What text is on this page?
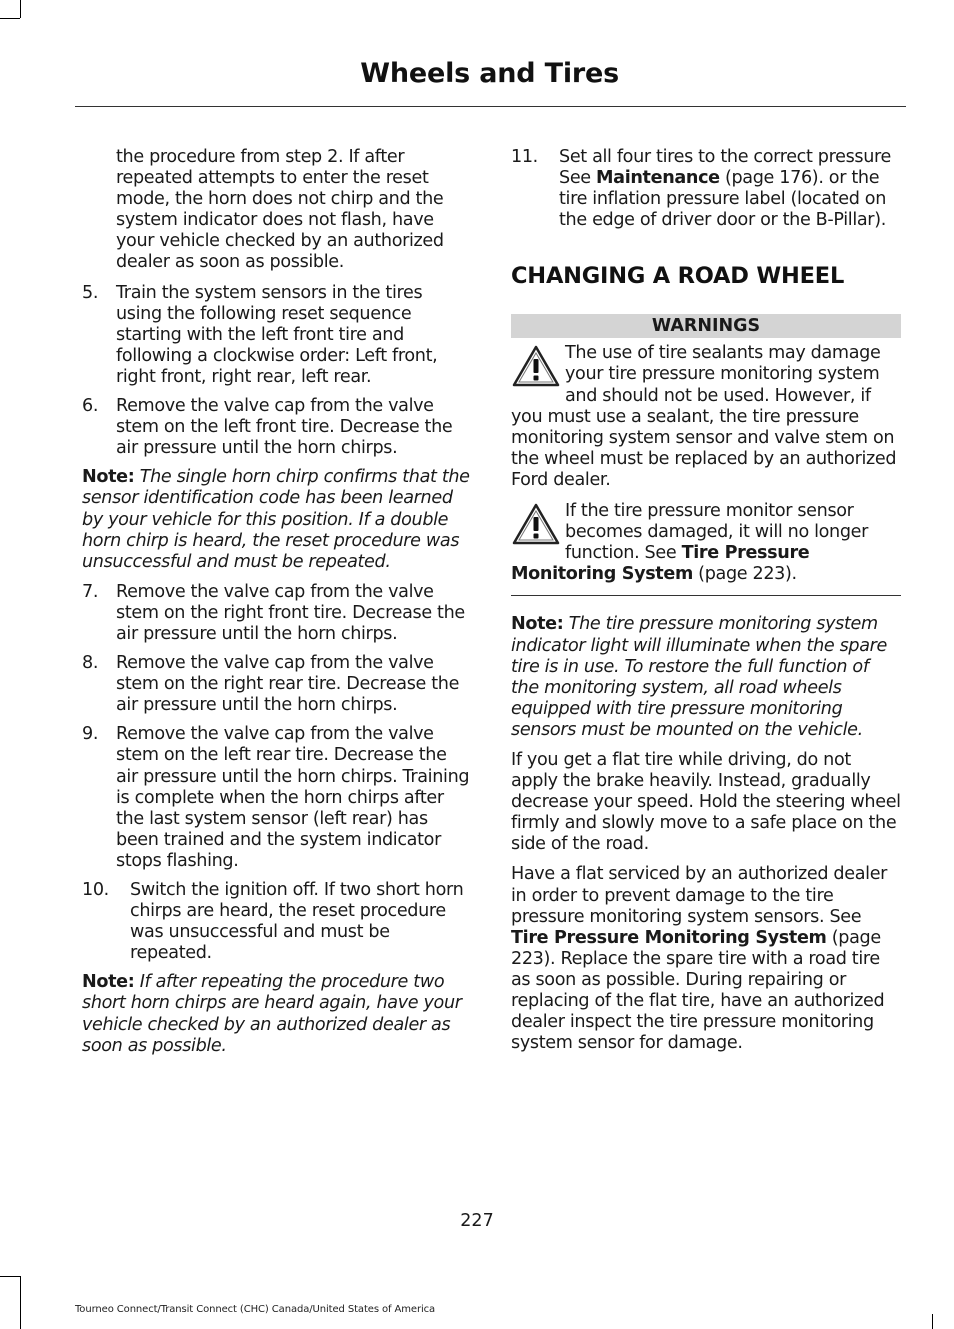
Wheels and Tires

the procedure from step 2. If after repeated attempts to enter the reset mode, the horn does not chirp and the system indicator does not flash, have your vehicle checked by an authorized dealer as soon as possible.

5. Train the system sensors in the tires using the following reset sequence starting with the left front tire and following a clockwise order: Left front, right front, right rear, left rear.
6. Remove the valve cap from the valve stem on the left front tire. Decrease the air pressure until the horn chirps.

Note: The single horn chirp confirms that the sensor identification code has been learned by your vehicle for this position. If a double horn chirp is heard, the reset procedure was unsuccessful and must be repeated.

7. Remove the valve cap from the valve stem on the right front tire. Decrease the air pressure until the horn chirps.
8. Remove the valve cap from the valve stem on the right rear tire. Decrease the air pressure until the horn chirps.
9. Remove the valve cap from the valve stem on the left rear tire. Decrease the air pressure until the horn chirps. Training is complete when the horn chirps after the last system sensor (left rear) has been trained and the system indicator stops flashing.
10. Switch the ignition off. If two short horn chirps are heard, the reset procedure was unsuccessful and must be repeated.

Note: If after repeating the procedure two short horn chirps are heard again, have your vehicle checked by an authorized dealer as soon as possible.

11. Set all four tires to the correct pressure See Maintenance (page 176). or the tire inflation pressure label (located on the edge of driver door or the B-Pillar).
CHANGING A ROAD WHEEL
WARNINGS
The use of tire sealants may damage your tire pressure monitoring system and should not be used. However, if you must use a sealant, the tire pressure monitoring system sensor and valve stem on the wheel must be replaced by an authorized Ford dealer.
If the tire pressure monitor sensor becomes damaged, it will no longer function. See Tire Pressure Monitoring System (page 223).

Note: The tire pressure monitoring system indicator light will illuminate when the spare tire is in use. To restore the full function of the monitoring system, all road wheels equipped with tire pressure monitoring sensors must be mounted on the vehicle.

If you get a flat tire while driving, do not apply the brake heavily. Instead, gradually decrease your speed. Hold the steering wheel firmly and slowly move to a safe place on the side of the road.

Have a flat serviced by an authorized dealer in order to prevent damage to the tire pressure monitoring system sensors. See Tire Pressure Monitoring System (page 223). Replace the spare tire with a road tire as soon as possible. During repairing or replacing of the flat tire, have an authorized dealer inspect the tire pressure monitoring system sensor for damage.

227
Tourneo Connect/Transit Connect (CHC) Canada/United States of America
